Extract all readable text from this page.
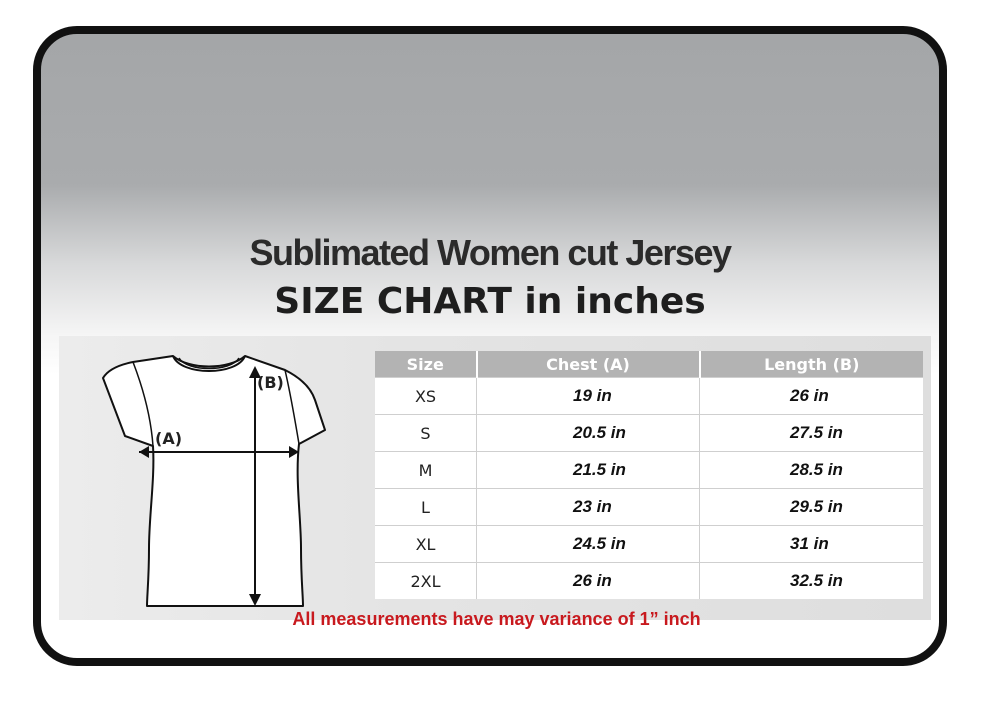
Sublimated Women cut Jersey
SIZE CHART in inches
(A)
(B)
Size	Chest (A)	Length (B)
XS	19 in	26 in
S	20.5 in	27.5 in
M	21.5 in	28.5 in
L	23 in	29.5 in
XL	24.5 in	31 in
2XL	26 in	32.5 in
All measurements have may variance of 1” inch
